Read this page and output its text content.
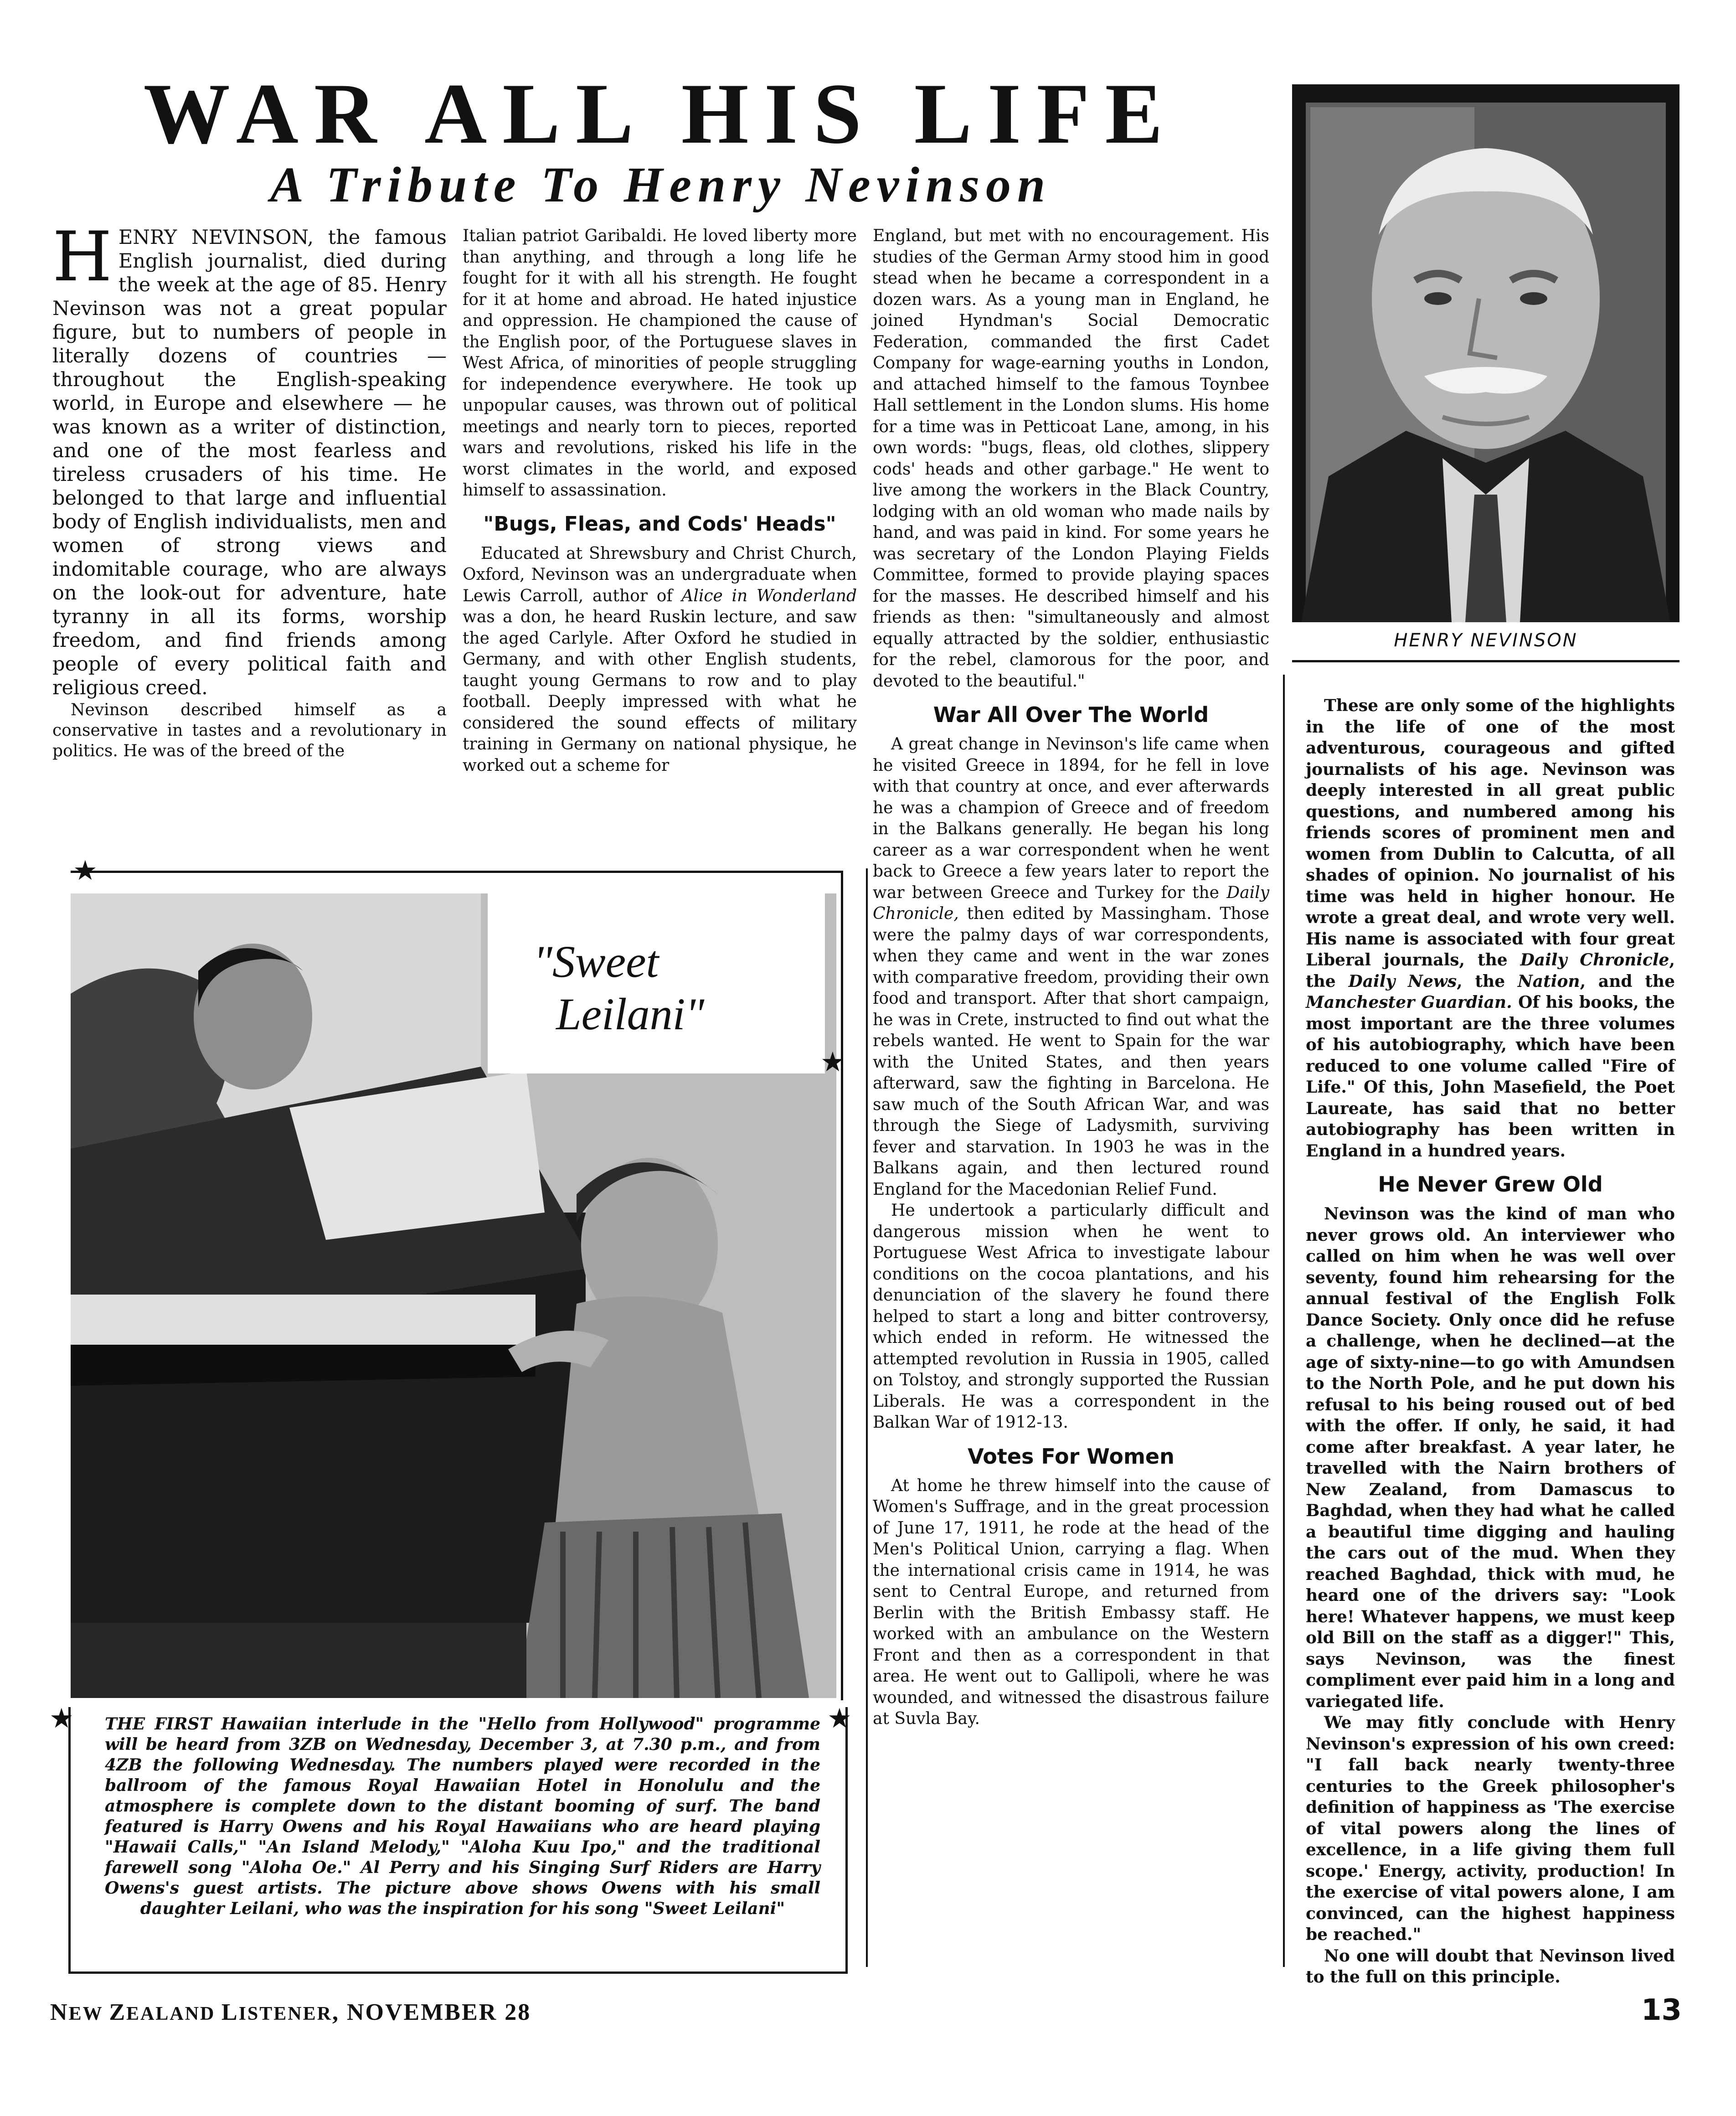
WAR ALL HIS LIFE
A Tribute To Henry Nevinson

HENRY NEVINSON, the famous English journalist, died during the week at the age of 85. Henry Nevinson was not a great popular figure, but to numbers of people in literally dozens of countries — throughout the English-speaking world, in Europe and elsewhere — he was known as a writer of distinction, and one of the most fearless and tireless crusaders of his time. He belonged to that large and influential body of English individualists, men and women of strong views and indomitable courage, who are always on the look-out for adventure, hate tyranny in all its forms, worship freedom, and find friends among people of every political faith and religious creed.

Nevinson described himself as a conservative in tastes and a revolutionary in politics. He was of the breed of the

Italian patriot Garibaldi. He loved liberty more than anything, and through a long life he fought for it with all his strength. He fought for it at home and abroad. He hated injustice and oppression. He championed the cause of the English poor, of the Portuguese slaves in West Africa, of minorities of people struggling for independence everywhere. He took up unpopular causes, was thrown out of political meetings and nearly torn to pieces, reported wars and revolutions, risked his life in the worst climates in the world, and exposed himself to assassination.

"Bugs, Fleas, and Cods' Heads"

Educated at Shrewsbury and Christ Church, Oxford, Nevinson was an undergraduate when Lewis Carroll, author of Alice in Wonderland was a don, he heard Ruskin lecture, and saw the aged Carlyle. After Oxford he studied in Germany, and with other English students, taught young Germans to row and to play football. Deeply impressed with what he considered the sound effects of military training in Germany on national physique, he worked out a scheme for

England, but met with no encouragement. His studies of the German Army stood him in good stead when he became a correspondent in a dozen wars. As a young man in England, he joined Hyndman's Social Democratic Federation, commanded the first Cadet Company for wage-earning youths in London, and attached himself to the famous Toynbee Hall settlement in the London slums. His home for a time was in Petticoat Lane, among, in his own words: "bugs, fleas, old clothes, slippery cods' heads and other garbage." He went to live among the workers in the Black Country, lodging with an old woman who made nails by hand, and was paid in kind. For some years he was secretary of the London Playing Fields Committee, formed to provide playing spaces for the masses. He described himself and his friends as then: "simultaneously and almost equally attracted by the soldier, enthusiastic for the rebel, clamorous for the poor, and devoted to the beautiful."

War All Over The World

A great change in Nevinson's life came when he visited Greece in 1894, for he fell in love with that country at once, and ever afterwards he was a champion of Greece and of freedom in the Balkans generally. He began his long career as a war correspondent when he went back to Greece a few years later to report the war between Greece and Turkey for the Daily Chronicle, then edited by Massingham. Those were the palmy days of war correspondents, when they came and went in the war zones with comparative freedom, providing their own food and transport. After that short campaign, he was in Crete, instructed to find out what the rebels wanted. He went to Spain for the war with the United States, and then years afterward, saw the fighting in Barcelona. He saw much of the South African War, and was through the Siege of Ladysmith, surviving fever and starvation. In 1903 he was in the Balkans again, and then lectured round England for the Macedonian Relief Fund.

He undertook a particularly difficult and dangerous mission when he went to Portuguese West Africa to investigate labour conditions on the cocoa plantations, and his denunciation of the slavery he found there helped to start a long and bitter controversy, which ended in reform. He witnessed the attempted revolution in Russia in 1905, called on Tolstoy, and strongly supported the Russian Liberals. He was a correspondent in the Balkan War of 1912-13.

Votes For Women

At home he threw himself into the cause of Women's Suffrage, and in the great procession of June 17, 1911, he rode at the head of the Men's Political Union, carrying a flag. When the international crisis came in 1914, he was sent to Central Europe, and returned from Berlin with the British Embassy staff. He worked with an ambulance on the Western Front and then as a correspondent in that area. He went out to Gallipoli, where he was wounded, and witnessed the disastrous failure at Suvla Bay.

HENRY NEVINSON

These are only some of the highlights in the life of one of the most adventurous, courageous and gifted journalists of his age. Nevinson was deeply interested in all great public questions, and numbered among his friends scores of prominent men and women from Dublin to Calcutta, of all shades of opinion. No journalist of his time was held in higher honour. He wrote a great deal, and wrote very well. His name is associated with four great Liberal journals, the Daily Chronicle, the Daily News, the Nation, and the Manchester Guardian. Of his books, the most important are the three volumes of his autobiography, which have been reduced to one volume called "Fire of Life." Of this, John Masefield, the Poet Laureate, has said that no better autobiography has been written in England in a hundred years.

He Never Grew Old

Nevinson was the kind of man who never grows old. An interviewer who called on him when he was well over seventy, found him rehearsing for the annual festival of the English Folk Dance Society. Only once did he refuse a challenge, when he declined—at the age of sixty-nine—to go with Amundsen to the North Pole, and he put down his refusal to his being roused out of bed with the offer. If only, he said, it had come after breakfast. A year later, he travelled with the Nairn brothers of New Zealand, from Damascus to Baghdad, when they had what he called a beautiful time digging and hauling the cars out of the mud. When they reached Baghdad, thick with mud, he heard one of the drivers say: "Look here! Whatever happens, we must keep old Bill on the staff as a digger!" This, says Nevinson, was the finest compliment ever paid him in a long and variegated life.

We may fitly conclude with Henry Nevinson's expression of his own creed: "I fall back nearly twenty-three centuries to the Greek philosopher's definition of happiness as 'The exercise of vital powers along the lines of excellence, in a life giving them full scope.' Energy, activity, production! In the exercise of vital powers alone, I am convinced, can the highest happiness be reached."

No one will doubt that Nevinson lived to the full on this principle.

"Sweet
Leilani"
★
★
★	★
THE FIRST Hawaiian interlude in the "Hello from Hollywood" programme will be heard from 3ZB on Wednesday, December 3, at 7.30 p.m., and from 4ZB the following Wednesday. The numbers played were recorded in the ballroom of the famous Royal Hawaiian Hotel in Honolulu and the atmosphere is complete down to the distant booming of surf. The band featured is Harry Owens and his Royal Hawaiians who are heard playing "Hawaii Calls," "An Island Melody," "Aloha Kuu Ipo," and the traditional farewell song "Aloha Oe." Al Perry and his Singing Surf Riders are Harry Owens's guest artists. The picture above shows Owens with his small daughter Leilani, who was the inspiration for his song "Sweet Leilani"
NEW ZEALAND LISTENER, NOVEMBER 28	13
